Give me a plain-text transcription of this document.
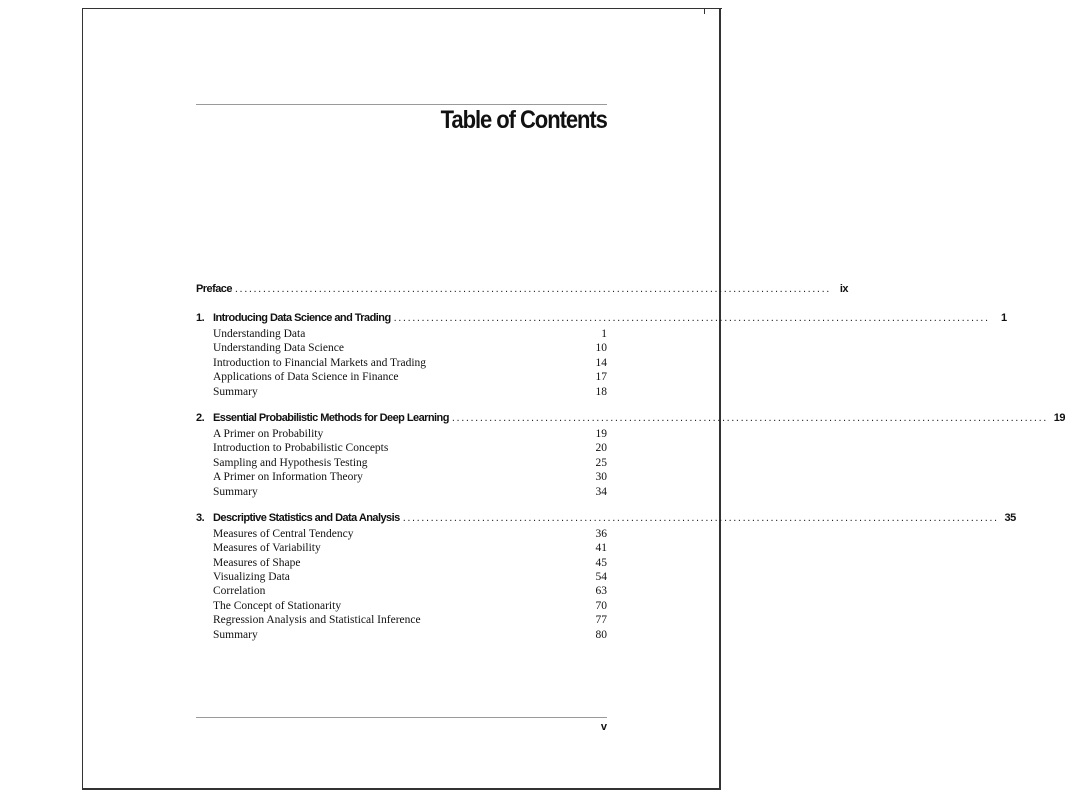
Table of Contents
Preface ................................................................................................................................ ix
1. Introducing Data Science and Trading ................................................................................................................................	1
Understanding Data	1
Understanding Data Science	10
Introduction to Financial Markets and Trading	14
Applications of Data Science in Finance	17
Summary	18
2. Essential Probabilistic Methods for Deep Learning ................................................................................................................................ 19
A Primer on Probability	19
Introduction to Probabilistic Concepts	20
Sampling and Hypothesis Testing	25
A Primer on Information Theory	30
Summary	34
3. Descriptive Statistics and Data Analysis ................................................................................................................................ 35
Measures of Central Tendency	36
Measures of Variability	41
Measures of Shape	45
Visualizing Data	54
Correlation	63
The Concept of Stationarity	70
Regression Analysis and Statistical Inference	77
Summary	80
v
